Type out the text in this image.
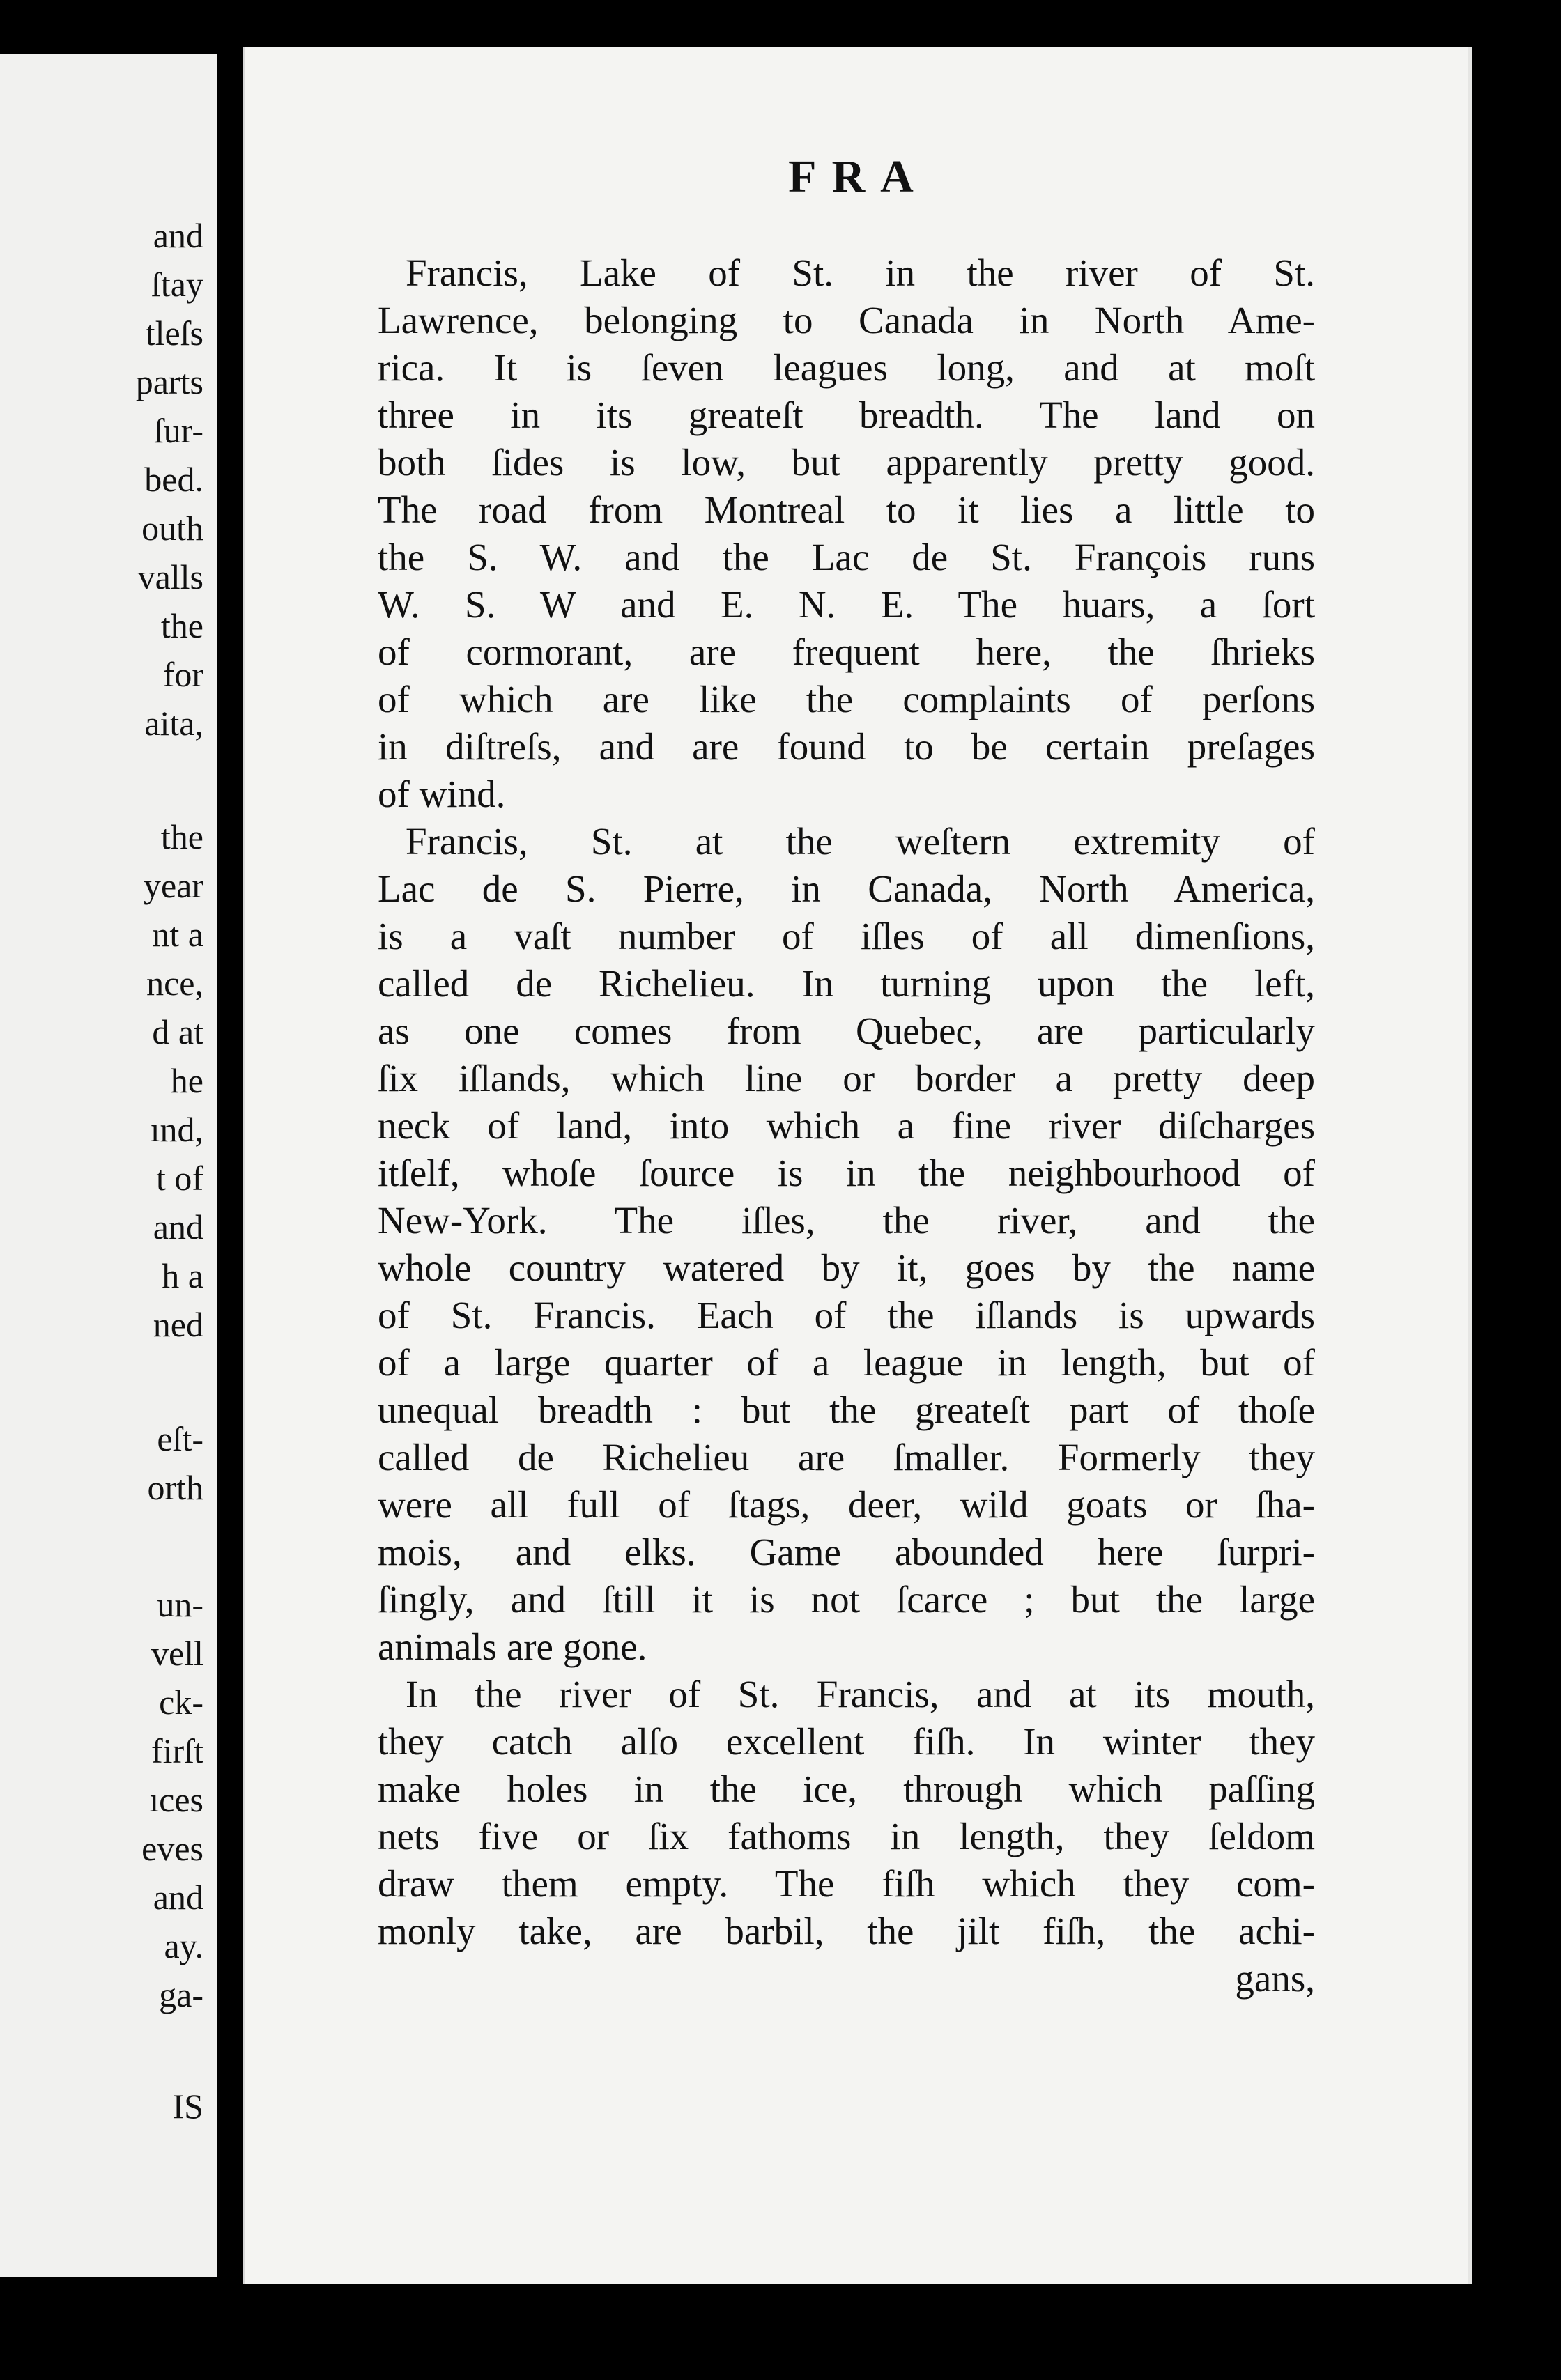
and
ſtay
tleſs
parts
ſur-
bed.
outh
valls
the
for
aita,
the
year
nt a
nce,
d at
he
ınd,
t of
and
h a
ned
eſt-
orth
un-
vell
ck-
firſt
ıces
eves
and
ay.
ga-
IS
FRA
Francis, Lake of St. in the river of St.
Lawrence, belonging to Canada in North Ame-
rica. It is ſeven leagues long, and at moſt
three in its greateſt breadth. The land on
both ſides is low, but apparently pretty good.
The road from Montreal to it lies a little to
the S. W. and the Lac de St. François runs
W. S. W and E. N. E. The huars, a ſort
of cormorant, are frequent here, the ſhrieks
of which are like the complaints of perſons
in diſtreſs, and are found to be certain preſages
of wind.
Francis, St. at the weſtern extremity of
Lac de S. Pierre, in Canada, North America,
is a vaſt number of iſles of all dimenſions,
called de Richelieu. In turning upon the left,
as one comes from Quebec, are particularly
ſix iſlands, which line or border a pretty deep
neck of land, into which a fine river diſcharges
itſelf, whoſe ſource is in the neighbourhood of
New-York. The iſles, the river, and the
whole country watered by it, goes by the name
of St. Francis. Each of the iſlands is upwards
of a large quarter of a league in length, but of
unequal breadth : but the greateſt part of thoſe
called de Richelieu are ſmaller. Formerly they
were all full of ſtags, deer, wild goats or ſha-
mois, and elks. Game abounded here ſurpri-
ſingly, and ſtill it is not ſcarce ; but the large
animals are gone.
In the river of St. Francis, and at its mouth,
they catch alſo excellent fiſh. In winter they
make holes in the ice, through which paſſing
nets five or ſix fathoms in length, they ſeldom
draw them empty. The fiſh which they com-
monly take, are barbil, the jilt fiſh, the achi-
gans,
